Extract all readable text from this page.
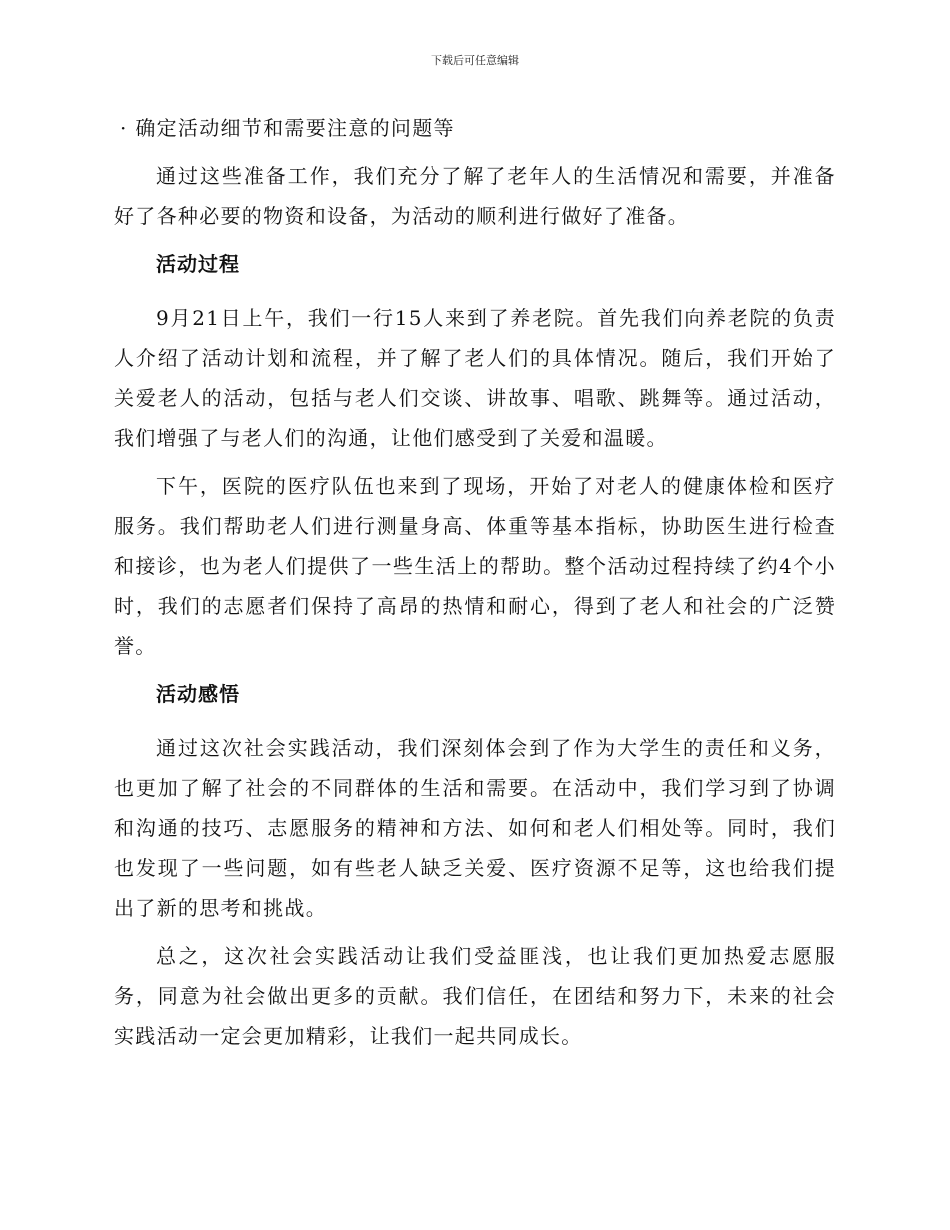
下载后可任意编辑

· 确定活动细节和需要注意的问题等

通过这些准备工作，我们充分了解了老年人的生活情况和需要，并准备好了各种必要的物资和设备，为活动的顺利进行做好了准备。

活动过程

9月21日上午，我们一行15人来到了养老院。首先我们向养老院的负责人介绍了活动计划和流程，并了解了老人们的具体情况。随后，我们开始了关爱老人的活动，包括与老人们交谈、讲故事、唱歌、跳舞等。通过活动，我们增强了与老人们的沟通，让他们感受到了关爱和温暖。

下午，医院的医疗队伍也来到了现场，开始了对老人的健康体检和医疗服务。我们帮助老人们进行测量身高、体重等基本指标，协助医生进行检查和接诊，也为老人们提供了一些生活上的帮助。整个活动过程持续了约4个小时，我们的志愿者们保持了高昂的热情和耐心，得到了老人和社会的广泛赞誉。

活动感悟

通过这次社会实践活动，我们深刻体会到了作为大学生的责任和义务，也更加了解了社会的不同群体的生活和需要。在活动中，我们学习到了协调和沟通的技巧、志愿服务的精神和方法、如何和老人们相处等。同时，我们也发现了一些问题，如有些老人缺乏关爱、医疗资源不足等，这也给我们提出了新的思考和挑战。

总之，这次社会实践活动让我们受益匪浅，也让我们更加热爱志愿服务，同意为社会做出更多的贡献。我们信任，在团结和努力下，未来的社会实践活动一定会更加精彩，让我们一起共同成长。
